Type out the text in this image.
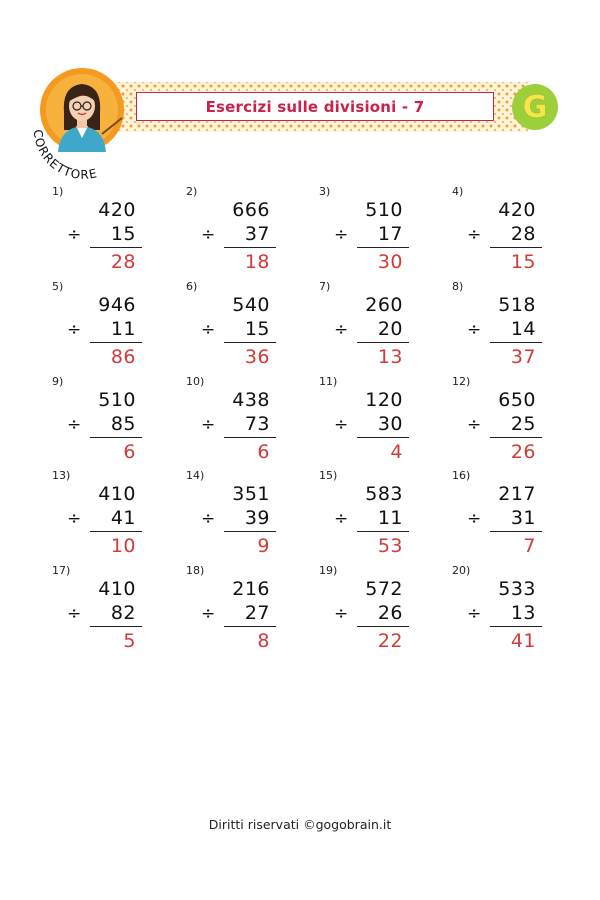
Esercizi sulle divisioni - 7
CORRETTORE
G
1)
420
÷ 15
28
2)
666
÷ 37
18
3)
510
÷ 17
30
4)
420
÷ 28
15
5)
946
÷ 11
86
6)
540
÷ 15
36
7)
260
÷ 20
13
8)
518
÷ 14
37
9)
510
÷ 85
6
10)
438
÷ 73
6
11)
120
÷ 30
4
12)
650
÷ 25
26
13)
410
÷ 41
10
14)
351
÷ 39
9
15)
583
÷ 11
53
16)
217
÷ 31
7
17)
410
÷ 82
5
18)
216
÷ 27
8
19)
572
÷ 26
22
20)
533
÷ 13
41
Diritti riservati ©gogobrain.it
